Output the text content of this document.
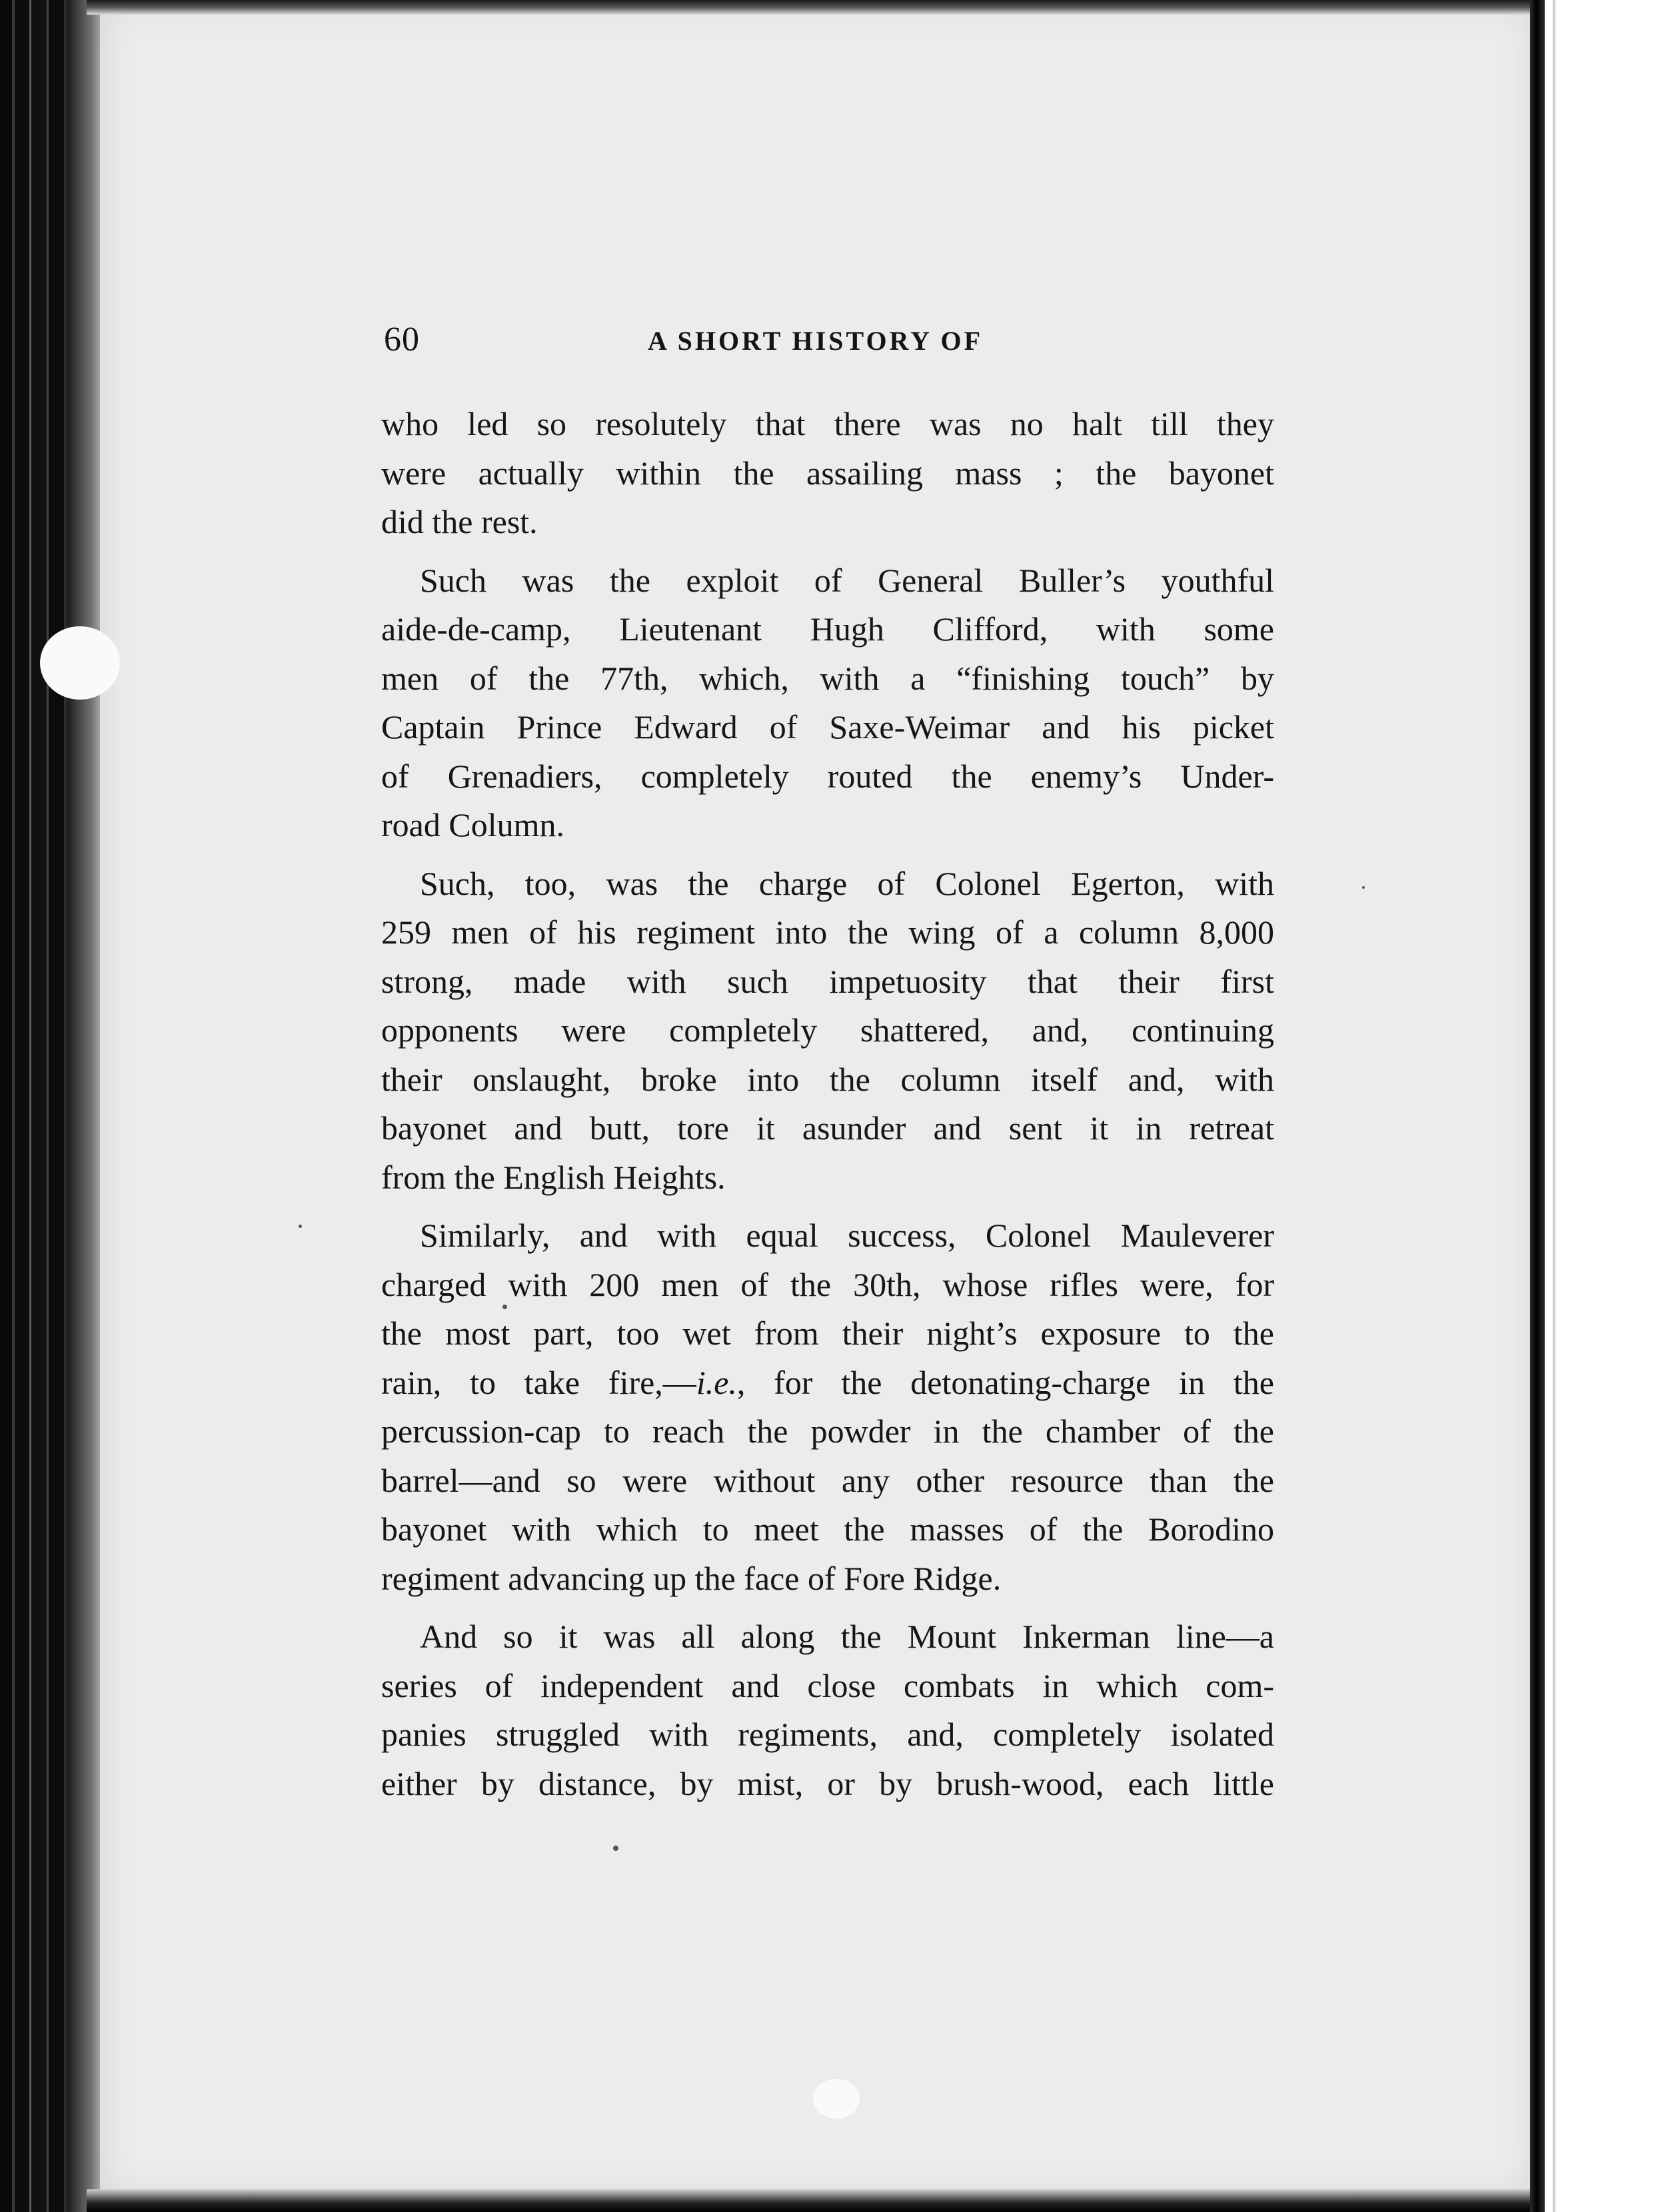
60	A SHORT HISTORY OF
who led so resolutely that there was no halt till they
were actually within the assailing mass ; the bayonet
did the rest.
Such was the exploit of General Buller’s youthful
aide-de-camp, Lieutenant Hugh Clifford, with some
men of the 77th, which, with a “finishing touch” by
Captain Prince Edward of Saxe-Weimar and his picket
of Grenadiers, completely routed the enemy’s Under-
road Column.
Such, too, was the charge of Colonel Egerton, with
259 men of his regiment into the wing of a column 8,000
strong, made with such impetuosity that their first
opponents were completely shattered, and, continuing
their onslaught, broke into the column itself and, with
bayonet and butt, tore it asunder and sent it in retreat
from the English Heights.
Similarly, and with equal success, Colonel Mauleverer
charged with 200 men of the 30th, whose rifles were, for
the most part, too wet from their night’s exposure to the
rain, to take fire,—i.e., for the detonating-charge in the
percussion-cap to reach the powder in the chamber of the
barrel—and so were without any other resource than the
bayonet with which to meet the masses of the Borodino
regiment advancing up the face of Fore Ridge.
And so it was all along the Mount Inkerman line—a
series of independent and close combats in which com-
panies struggled with regiments, and, completely isolated
either by distance, by mist, or by brush-wood, each little
